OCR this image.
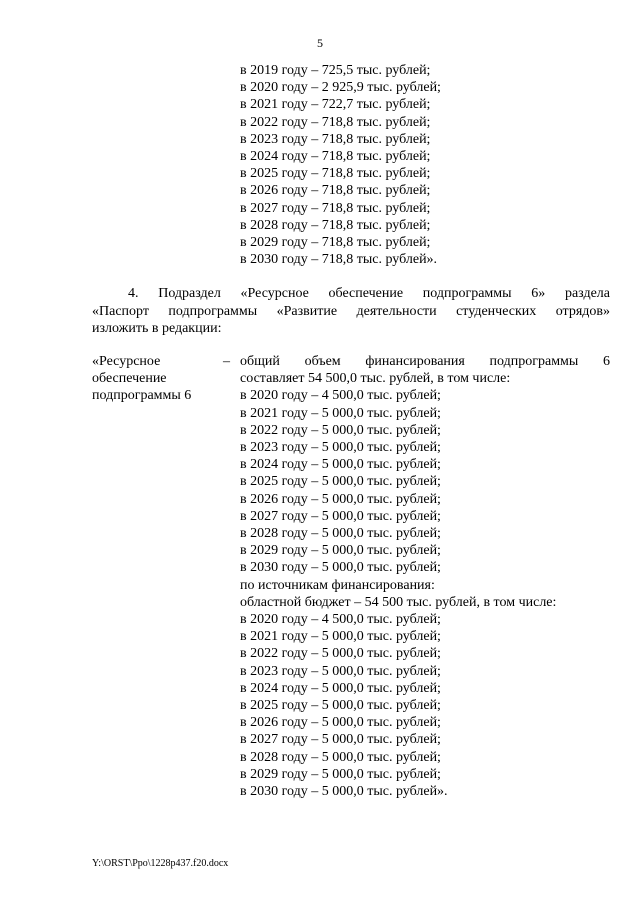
5
в 2019 году – 725,5 тыс. рублей;
в 2020 году – 2 925,9 тыс. рублей;
в 2021 году – 722,7 тыс. рублей;
в 2022 году – 718,8 тыс. рублей;
в 2023 году – 718,8 тыс. рублей;
в 2024 году – 718,8 тыс. рублей;
в 2025 году – 718,8 тыс. рублей;
в 2026 году – 718,8 тыс. рублей;
в 2027 году – 718,8 тыс. рублей;
в 2028 году – 718,8 тыс. рублей;
в 2029 году – 718,8 тыс. рублей;
в 2030 году – 718,8 тыс. рублей».
4. Подраздел «Ресурсное обеспечение подпрограммы 6» раздела
«Паспорт подпрограммы «Развитие деятельности студенческих отрядов»
изложить в редакции:
«Ресурсное
обеспечение
подпрограммы 6
– общий объем финансирования подпрограммы 6
составляет 54 500,0 тыс. рублей, в том числе:
в 2020 году – 4 500,0 тыс. рублей;
в 2021 году – 5 000,0 тыс. рублей;
в 2022 году – 5 000,0 тыс. рублей;
в 2023 году – 5 000,0 тыс. рублей;
в 2024 году – 5 000,0 тыс. рублей;
в 2025 году – 5 000,0 тыс. рублей;
в 2026 году – 5 000,0 тыс. рублей;
в 2027 году – 5 000,0 тыс. рублей;
в 2028 году – 5 000,0 тыс. рублей;
в 2029 году – 5 000,0 тыс. рублей;
в 2030 году – 5 000,0 тыс. рублей;
по источникам финансирования:
областной бюджет – 54 500 тыс. рублей, в том числе:
в 2020 году – 4 500,0 тыс. рублей;
в 2021 году – 5 000,0 тыс. рублей;
в 2022 году – 5 000,0 тыс. рублей;
в 2023 году – 5 000,0 тыс. рублей;
в 2024 году – 5 000,0 тыс. рублей;
в 2025 году – 5 000,0 тыс. рублей;
в 2026 году – 5 000,0 тыс. рублей;
в 2027 году – 5 000,0 тыс. рублей;
в 2028 году – 5 000,0 тыс. рублей;
в 2029 году – 5 000,0 тыс. рублей;
в 2030 году – 5 000,0 тыс. рублей».
Y:\ORST\Ppo\1228p437.f20.docx
